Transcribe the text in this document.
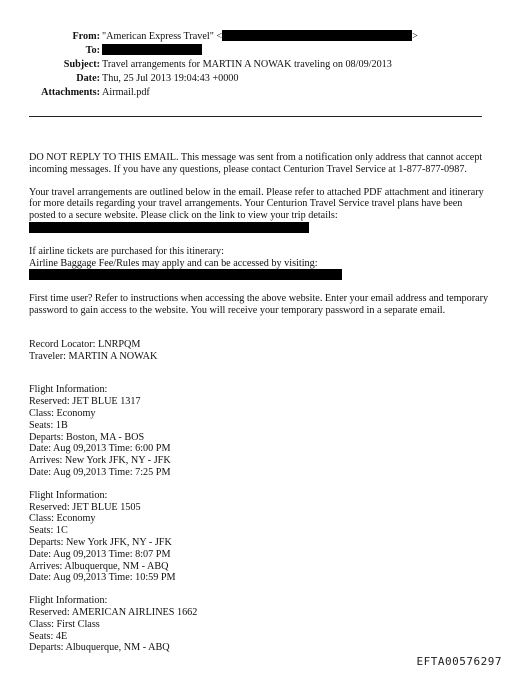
From: "American Express Travel" <	>
To:
Subject: Travel arrangements for MARTIN A NOWAK traveling on 08/09/2013
Date: Thu, 25 Jul 2013 19:04:43 +0000
Attachments: Airmail.pdf

DO NOT REPLY TO THIS EMAIL. This message was sent from a notification only address that cannot accept

incoming messages. If you have any questions, please contact Centurion Travel Service at 1-877-877-0987.

Your travel arrangements are outlined below in the email. Please refer to attached PDF attachment and itinerary

for more details regarding your travel arrangements. Your Centurion Travel Service travel plans have been

posted to a secure website. Please click on the link to view your trip details:

If airline tickets are purchased for this itinerary:

Airline Baggage Fee/Rules may apply and can be accessed by visiting:

First time user? Refer to instructions when accessing the above website. Enter your email address and temporary

password to gain access to the website. You will receive your temporary password in a separate email.

Record Locator: LNRPQM

Traveler: MARTIN A NOWAK

Flight Information:

Reserved: JET BLUE 1317

Class: Economy

Seats: 1B

Departs: Boston, MA - BOS

Date: Aug 09,2013 Time: 6:00 PM

Arrives: New York JFK, NY - JFK

Date: Aug 09,2013 Time: 7:25 PM

Flight Information:

Reserved: JET BLUE 1505

Class: Economy

Seats: 1C

Departs: New York JFK, NY - JFK

Date: Aug 09,2013 Time: 8:07 PM

Arrives: Albuquerque, NM - ABQ

Date: Aug 09,2013 Time: 10:59 PM

Flight Information:

Reserved: AMERICAN AIRLINES 1662

Class: First Class

Seats: 4E

Departs: Albuquerque, NM - ABQ

EFTA00576297
